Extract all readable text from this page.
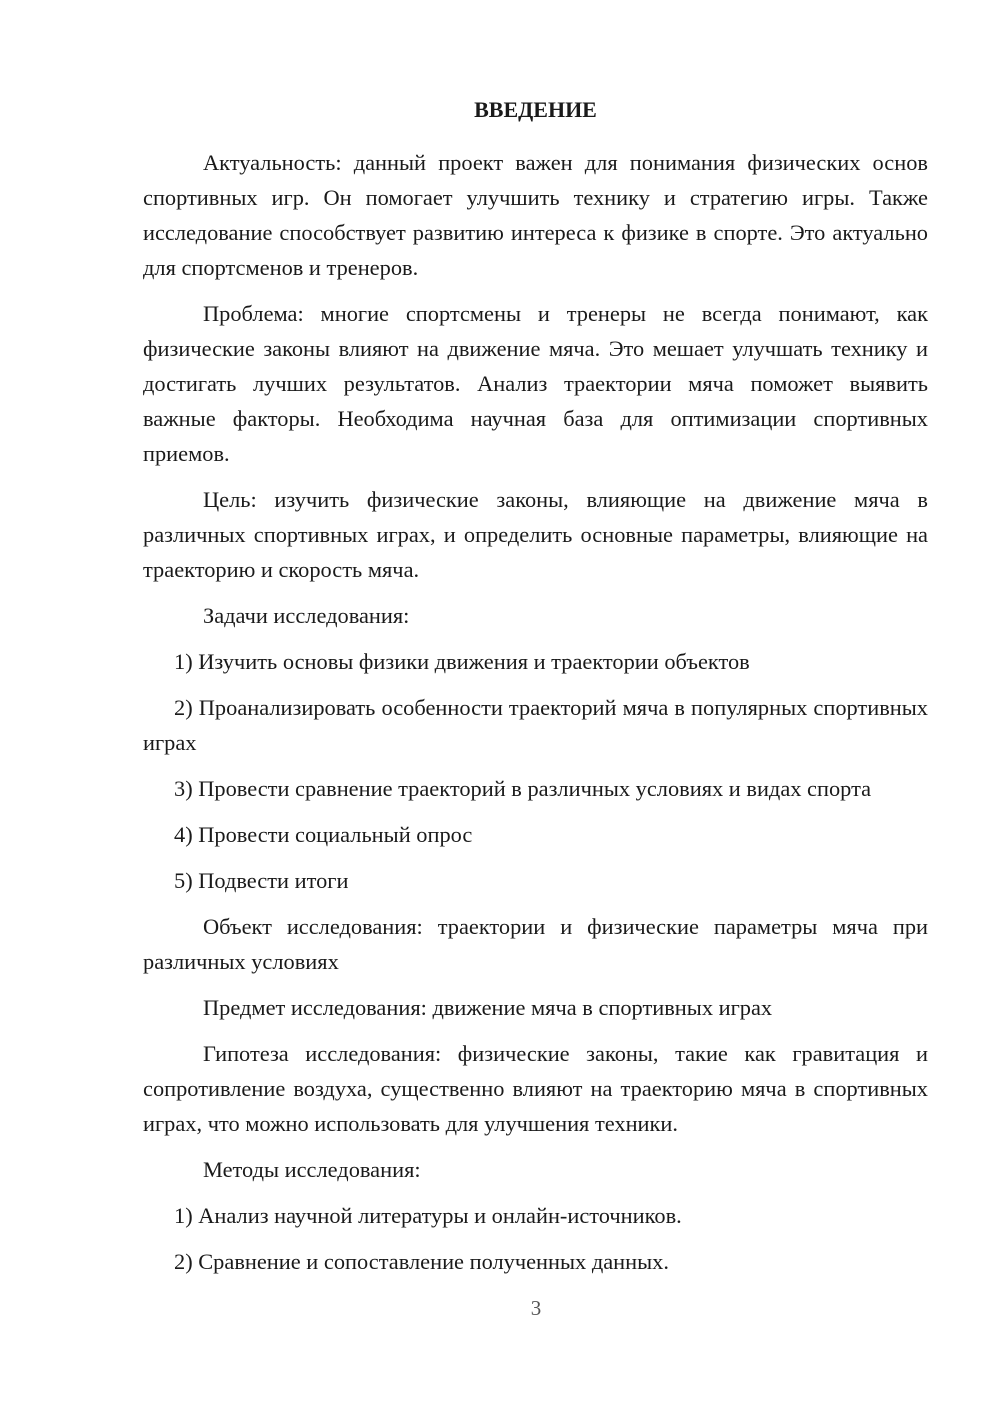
ВВЕДЕНИЕ

Актуальность: данный проект важен для понимания физических основ спортивных игр. Он помогает улучшить технику и стратегию игры. Также исследование способствует развитию интереса к физике в спорте. Это актуально для спортсменов и тренеров.

Проблема: многие спортсмены и тренеры не всегда понимают, как физические законы влияют на движение мяча. Это мешает улучшать технику и достигать лучших результатов. Анализ траектории мяча поможет выявить важные факторы. Необходима научная база для оптимизации спортивных приемов.

Цель: изучить физические законы, влияющие на движение мяча в различных спортивных играх, и определить основные параметры, влияющие на траекторию и скорость мяча.

Задачи исследования:

1) Изучить основы физики движения и траектории объектов

2) Проанализировать особенности траекторий мяча в популярных спортивных играх

3) Провести сравнение траекторий в различных условиях и видах спорта

4) Провести социальный опрос

5) Подвести итоги

Объект исследования: траектории и физические параметры мяча при различных условиях

Предмет исследования: движение мяча в спортивных играх

Гипотеза исследования: физические законы, такие как гравитация и сопротивление воздуха, существенно влияют на траекторию мяча в спортивных играх, что можно использовать для улучшения техники.

Методы исследования:

1) Анализ научной литературы и онлайн-источников.

2) Сравнение и сопоставление полученных данных.

3
